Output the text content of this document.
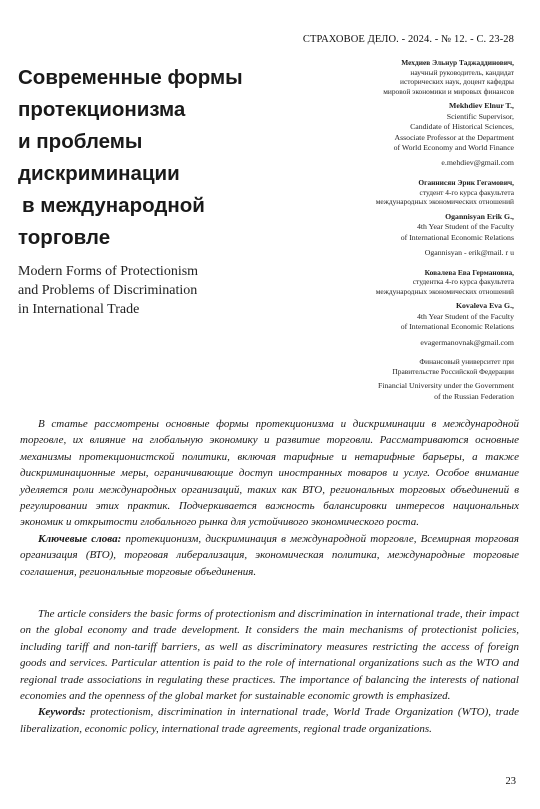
СТРАХОВОЕ ДЕЛО. - 2024. - № 12. - С. 23-28
Современные формы
протекционизма
и проблемы
дискриминации
в международной
торговле
Modern Forms of Protectionism
and Problems of Discrimination
in International Trade

Мехдиев Эльнур Таджаддинович,

научный руководитель, кандидат

исторических наук, доцент кафедры

мировой экономики и мировых финансов

Mekhdiev Elnur T.,

Scientific Supervisor,

Candidate of Historical Sciences,

Associate Professor at the Department

of World Economy and World Finance

e.mehdiev@gmail.com

Оганнисян Эрик Гегамович,

студент 4-го курса факультета

международных экономических отношений

Ogannisyan Erik G.,

4th Year Student of the Faculty

of International Economic Relations

Ogannisyan - erik@mail. r u

Ковалева Ева Германовна,

студентка 4-го курса факультета

международных экономических отношений

Kovaleva Eva G.,

4th Year Student of the Faculty

of International Economic Relations

evagermanovnak@gmail.com

Финансовый университет при

Правительстве Российской Федерации

Financial University under the Government

of the Russian Federation

В статье рассмотрены основные формы протекционизма и дискриминации в международной торговле, их влияние на глобальную экономику и развитие торговли. Рассматриваются основные механизмы протекционистской политики, включая тарифные и нетарифные барьеры, а также дискриминационные меры, ограничивающие доступ иностранных товаров и услуг. Особое внимание уделяется роли международных организаций, таких как ВТО, региональных торговых объединений в регулировании этих практик. Подчеркивается важность балансировки интересов национальных экономик и открытости глобального рынка для устойчивого экономического роста.

Ключевые слова: протекционизм, дискриминация в международной торговле, Всемирная торговая организация (ВТО), торговая либерализация, экономическая политика, международные торговые соглашения, региональные торговые объединения.

The article considers the basic forms of protectionism and discrimination in international trade, their impact on the global economy and trade development. It considers the main mechanisms of protectionist policies, including tariff and non-tariff barriers, as well as discriminatory measures restricting the access of foreign goods and services. Particular attention is paid to the role of international organizations such as the WTO and regional trade associations in regulating these practices. The importance of balancing the interests of national economies and the openness of the global market for sustainable economic growth is emphasized.

Keywords: protectionism, discrimination in international trade, World Trade Organization (WTO), trade liberalization, economic policy, international trade agreements, regional trade organizations.

23
